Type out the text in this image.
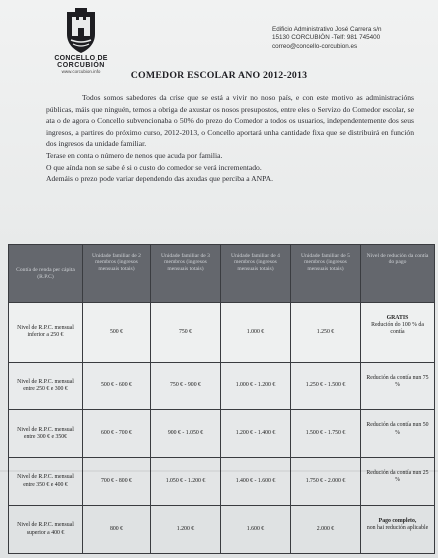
CONCELLO DE
CORCUBIÓN
www.corcubion.info
Edificio Administrativo José Carrera s/n
15130 CORCUBIÓN -Telf: 981 745400
correo@concello-corcubion.es
COMEDOR ESCOLAR ANO 2012-2013

Todos somos sabedores da crise que se está a vivir no noso país, e con este motivo as administracións públicas, máis que ninguén, temos a obriga de axustar os nosos presupostos, entre eles o Servizo do Comedor escolar, se ata o de agora o Concello subvencionaba o 50% do prezo do Comedor a todos os usuarios, independentemente dos seus ingresos, a partires do próximo curso, 2012-2013, o Concello aportará unha cantidade fixa que se distribuirá en función dos ingresos da unidade familiar.

Terase en conta o número de nenos que acuda por familia.

O que aínda non se sabe é si o custo do comedor se verá incrementado.

Ademáis o prezo pode variar dependendo das axudas que perciba a ANPA.

Contía de renda per cápita (R.P.C)	Unidade familiar de 2 membros (ingresos mensuais totais)	Unidade familiar de 3 membros (ingresos mensuais totais)	Unidade familiar de 4 membros (ingresos mensuais totais)	Unidade familiar de 5 membros (ingresos mensuais totais)	Nivel de redución da contía do pago
Nivel de R.P.C. mensual inferior a 250 €	500 €	750 €	1.000 €	1.250 €	GRATIS
Redución do 100 % da contía
Nivel de R.P.C. mensual entre 250 € e 300 €	500 € - 600 €	750 € - 900 €	1.000 € - 1.200 €	1.250 € - 1.500 €	Redución da contía nun 75 %
Nivel de R.P.C. mensual entre 300 € e 350€	600 € - 700 €	900 € - 1.050 €	1.200 € - 1.400 €	1.500 € - 1.750 €	Redución da contía nun 50 %
Nivel de R.P.C. mensual entre 350 € e 400 €	700 € - 800 €	1.050 € - 1.200 €	1.400 € - 1.600 €	1.750 € - 2.000 €	Redución da contía nun 25 %
Nivel de R.P.C. mensual superior a 400 €	800 €	1.200 €	1.600 €	2.000 €	Pago completo,
non hai redución aplicable
